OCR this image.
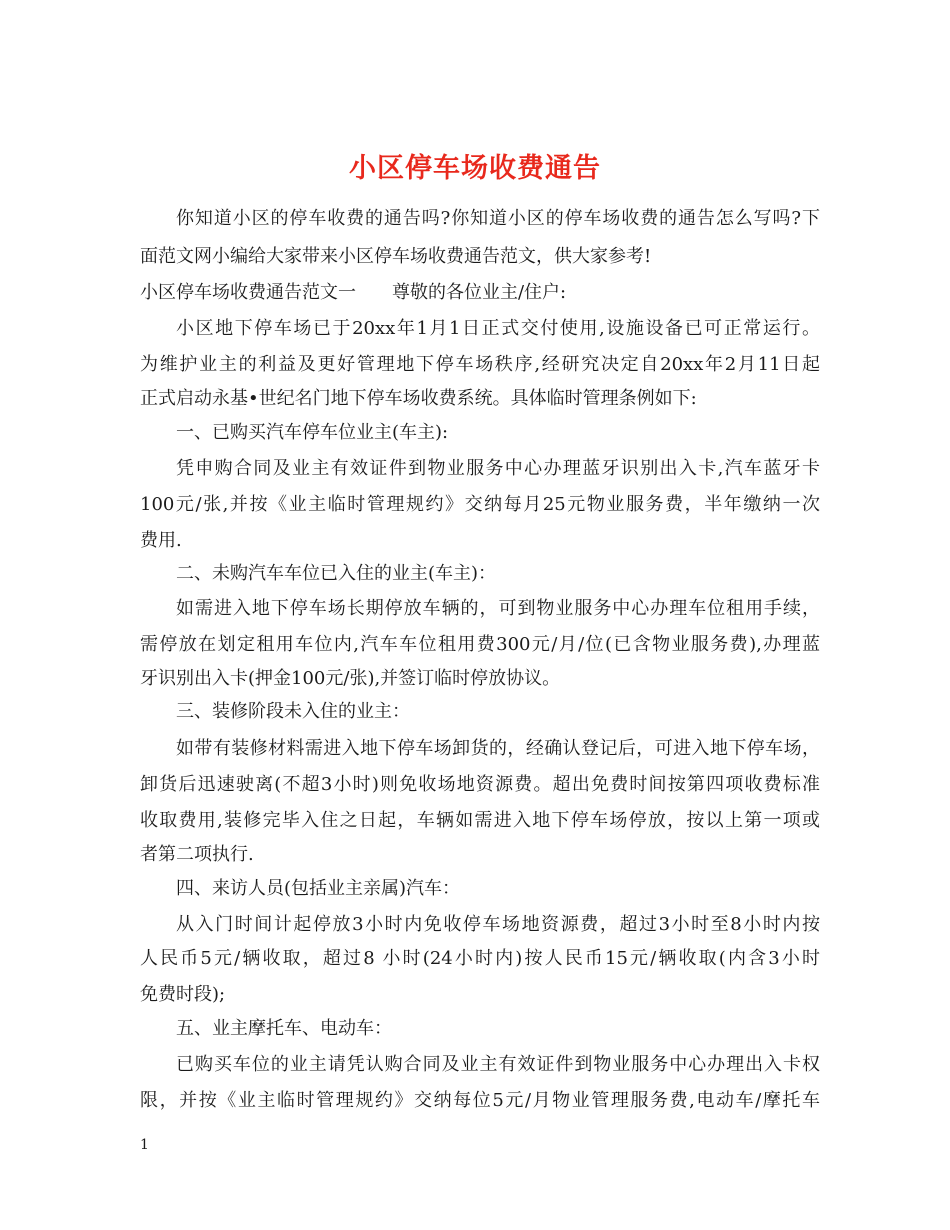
小区停车场收费通告
你知道小区的停车收费的通告吗?你知道小区的停车场收费的通告怎么写吗?下
面范文网小编给大家带来小区停车场收费通告范文，供大家参考!
小区停车场收费通告范文一　　尊敬的各位业主/住户:
小区地下停车场已于20xx年1月1日正式交付使用,设施设备已可正常运行。
为维护业主的利益及更好管理地下停车场秩序,经研究决定自20xx年2月11日起
正式启动永基•世纪名门地下停车场收费系统。具体临时管理条例如下:
一、已购买汽车停车位业主(车主):
凭申购合同及业主有效证件到物业服务中心办理蓝牙识别出入卡,汽车蓝牙卡
100元/张,并按《业主临时管理规约》交纳每月25元物业服务费，半年缴纳一次
费用.
二、未购汽车车位已入住的业主(车主)：
如需进入地下停车场长期停放车辆的，可到物业服务中心办理车位租用手续，
需停放在划定租用车位内,汽车车位租用费300元/月/位(已含物业服务费),办理蓝
牙识别出入卡(押金100元/张),并签订临时停放协议。
三、装修阶段未入住的业主：
如带有装修材料需进入地下停车场卸货的，经确认登记后，可进入地下停车场，
卸货后迅速驶离(不超3小时)则免收场地资源费。超出免费时间按第四项收费标准
收取费用,装修完毕入住之日起，车辆如需进入地下停车场停放，按以上第一项或
者第二项执行.
四、来访人员(包括业主亲属)汽车：
从入门时间计起停放3小时内免收停车场地资源费，超过3小时至8小时内按
人民币5元/辆收取，超过8 小时(24小时内)按人民币15元/辆收取(内含3小时
免费时段);
五、业主摩托车、电动车：
已购买车位的业主请凭认购合同及业主有效证件到物业服务中心办理出入卡权
限，并按《业主临时管理规约》交纳每位5元/月物业管理服务费,电动车/摩托车
1
